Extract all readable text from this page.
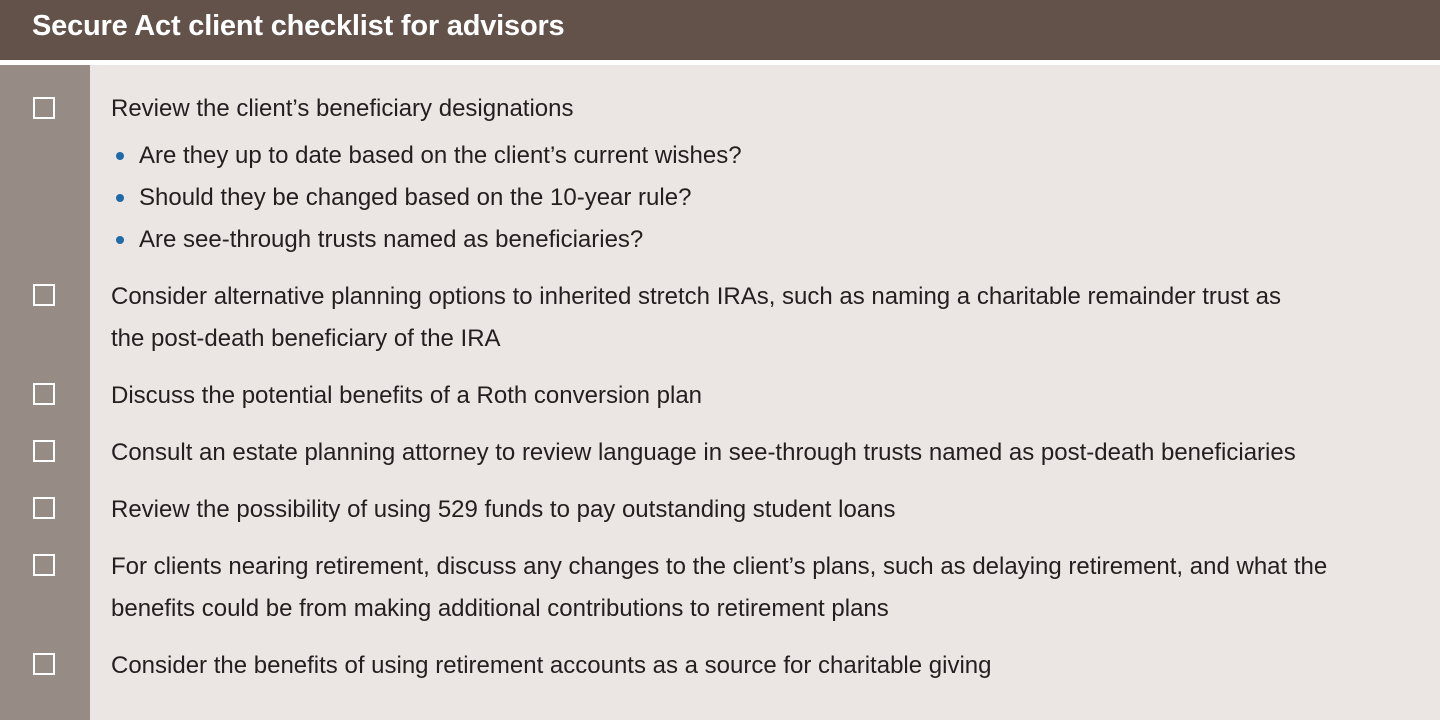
Secure Act client checklist for advisors
Review the client’s beneficiary designations
Are they up to date based on the client’s current wishes?
Should they be changed based on the 10-year rule?
Are see-through trusts named as beneficiaries?
Consider alternative planning options to inherited stretch IRAs, such as naming a charitable remainder trust as
the post-death beneficiary of the IRA
Discuss the potential benefits of a Roth conversion plan
Consult an estate planning attorney to review language in see-through trusts named as post-death beneficiaries
Review the possibility of using 529 funds to pay outstanding student loans
For clients nearing retirement, discuss any changes to the client’s plans, such as delaying retirement, and what the
benefits could be from making additional contributions to retirement plans
Consider the benefits of using retirement accounts as a source for charitable giving
